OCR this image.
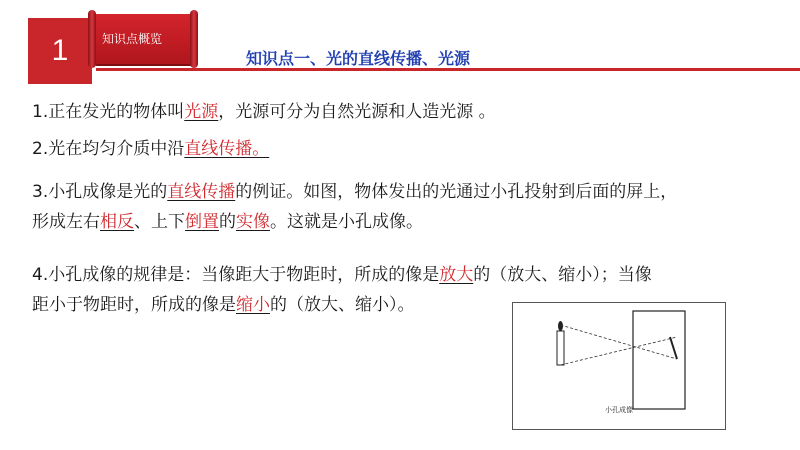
1	知识点概览
知识点一、光的直线传播、光源
1.正在发光的物体叫光源，光源可分为自然光源和人造光源 。
2.光在均匀介质中沿直线传播。
3.小孔成像是光的直线传播的例证。如图，物体发出的光通过小孔投射到后面的屏上，
形成左右相反、上下倒置的实像。这就是小孔成像。
4.小孔成像的规律是：当像距大于物距时，所成的像是放大的（放大、缩小）；当像
距小于物距时，所成的像是缩小的（放大、缩小）。
小孔成像
